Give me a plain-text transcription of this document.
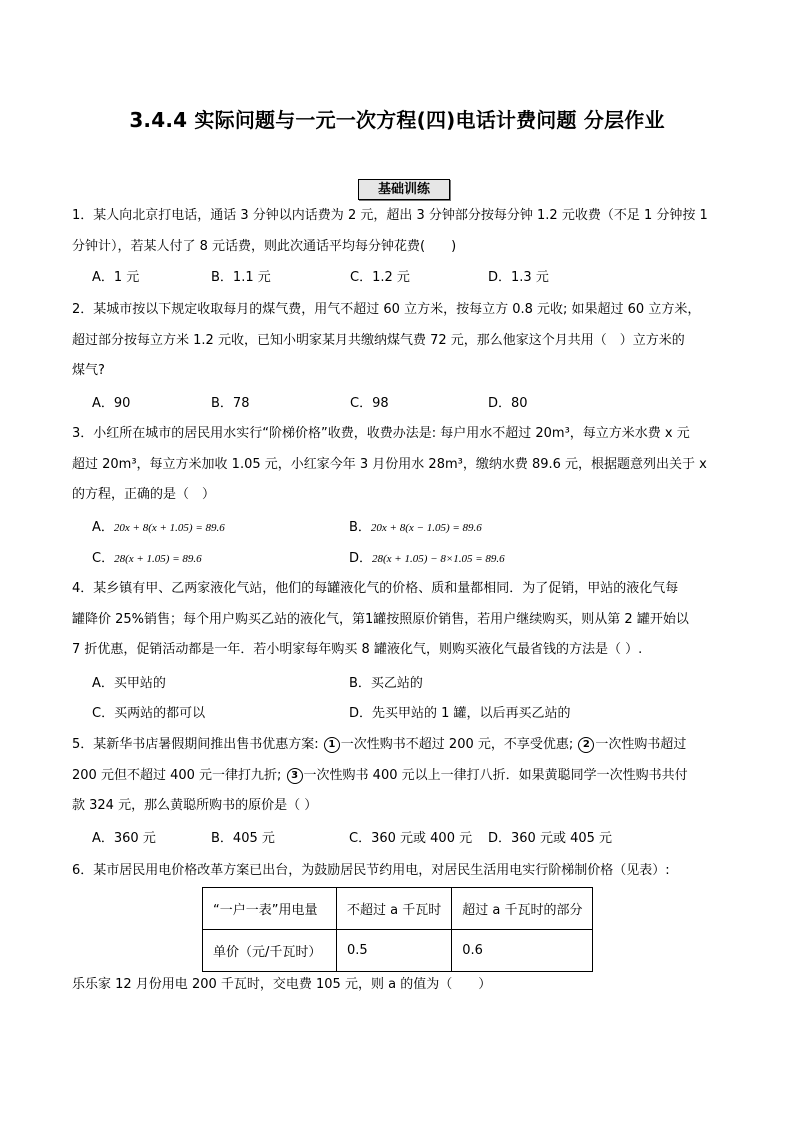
3.4.4 实际问题与一元一次方程(四)电话计费问题 分层作业
基础训练
1．某人向北京打电话，通话 3 分钟以内话费为 2 元，超出 3 分钟部分按每分钟 1.2 元收费（不足 1 分钟按 1
分钟计），若某人付了 8 元话费，则此次通话平均每分钟花费(　　)
A．1 元	B．1.1 元	C．1.2 元	D．1.3 元
2．某城市按以下规定收取每月的煤气费，用气不超过 60 立方米，按每立方 0.8 元收; 如果超过 60 立方米，
超过部分按每立方米 1.2 元收，已知小明家某月共缴纳煤气费 72 元，那么他家这个月共用（　）立方米的
煤气?
A．90	B．78	C．98	D．80
3．小红所在城市的居民用水实行“阶梯价格”收费，收费办法是: 每户用水不超过 20m³，每立方米水费 x 元
超过 20m³，每立方米加收 1.05 元，小红家今年 3 月份用水 28m³，缴纳水费 89.6 元，根据题意列出关于 x
的方程，正确的是（　）
A．20x + 8(x + 1.05) = 89.6	B．20x + 8(x − 1.05) = 89.6
C．28(x + 1.05) = 89.6	D．28(x + 1.05) − 8×1.05 = 89.6
4．某乡镇有甲、乙两家液化气站，他们的每罐液化气的价格、质和量都相同．为了促销，甲站的液化气每
罐降价 25%销售；每个用户购买乙站的液化气，第1罐按照原价销售，若用户继续购买，则从第 2 罐开始以
7 折优惠，促销活动都是一年．若小明家每年购买 8 罐液化气，则购买液化气最省钱的方法是（ ）.
A．买甲站的	B．买乙站的
C．买两站的都可以	D．先买甲站的 1 罐，以后再买乙站的
5．某新华书店暑假期间推出售书优惠方案: 1 一次性购书不超过 200 元，不享受优惠; 2 一次性购书超过
200 元但不超过 400 元一律打九折; 3 一次性购书 400 元以上一律打八折．如果黄聪同学一次性购书共付
款 324 元，那么黄聪所购书的原价是（ ）
A．360 元	B．405 元	C．360 元或 400 元 D．360 元或 405 元
6．某市居民用电价格改革方案已出台，为鼓励居民节约用电，对居民生活用电实行阶梯制价格（见表）:
“一户一表”用电量	不超过 a 千瓦时	超过 a 千瓦时的部分
单价（元/千瓦时）	0.5	0.6
乐乐家 12 月份用电 200 千瓦时，交电费 105 元，则 a 的值为（　　）
